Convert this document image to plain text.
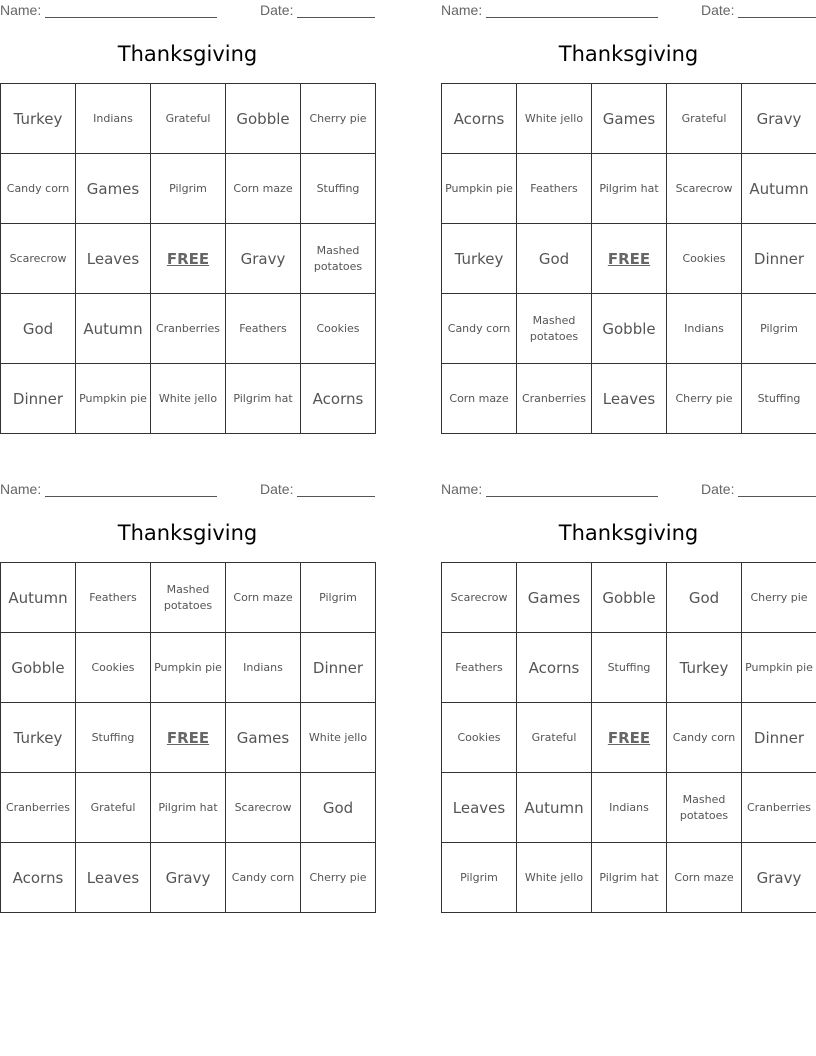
Name:	Date:
Thanksgiving
Turkey	Indians	Grateful	Gobble	Cherry pie
Candy corn	Games	Pilgrim	Corn maze	Stuffing
Scarecrow	Leaves	FREE	Gravy	Mashed potatoes
God	Autumn	Cranberries	Feathers	Cookies
Dinner	Pumpkin pie	White jello	Pilgrim hat	Acorns
Name:	Date:
Thanksgiving
Acorns	White jello	Games	Grateful	Gravy
Pumpkin pie	Feathers	Pilgrim hat	Scarecrow	Autumn
Turkey	God	FREE	Cookies	Dinner
Candy corn	Mashed potatoes	Gobble	Indians	Pilgrim
Corn maze	Cranberries	Leaves	Cherry pie	Stuffing
Name:	Date:
Thanksgiving
Autumn	Feathers	Mashed potatoes	Corn maze	Pilgrim
Gobble	Cookies	Pumpkin pie	Indians	Dinner
Turkey	Stuffing	FREE	Games	White jello
Cranberries	Grateful	Pilgrim hat	Scarecrow	God
Acorns	Leaves	Gravy	Candy corn	Cherry pie
Name:	Date:
Thanksgiving
Scarecrow	Games	Gobble	God	Cherry pie
Feathers	Acorns	Stuffing	Turkey	Pumpkin pie
Cookies	Grateful	FREE	Candy corn	Dinner
Leaves	Autumn	Indians	Mashed potatoes	Cranberries
Pilgrim	White jello	Pilgrim hat	Corn maze	Gravy
